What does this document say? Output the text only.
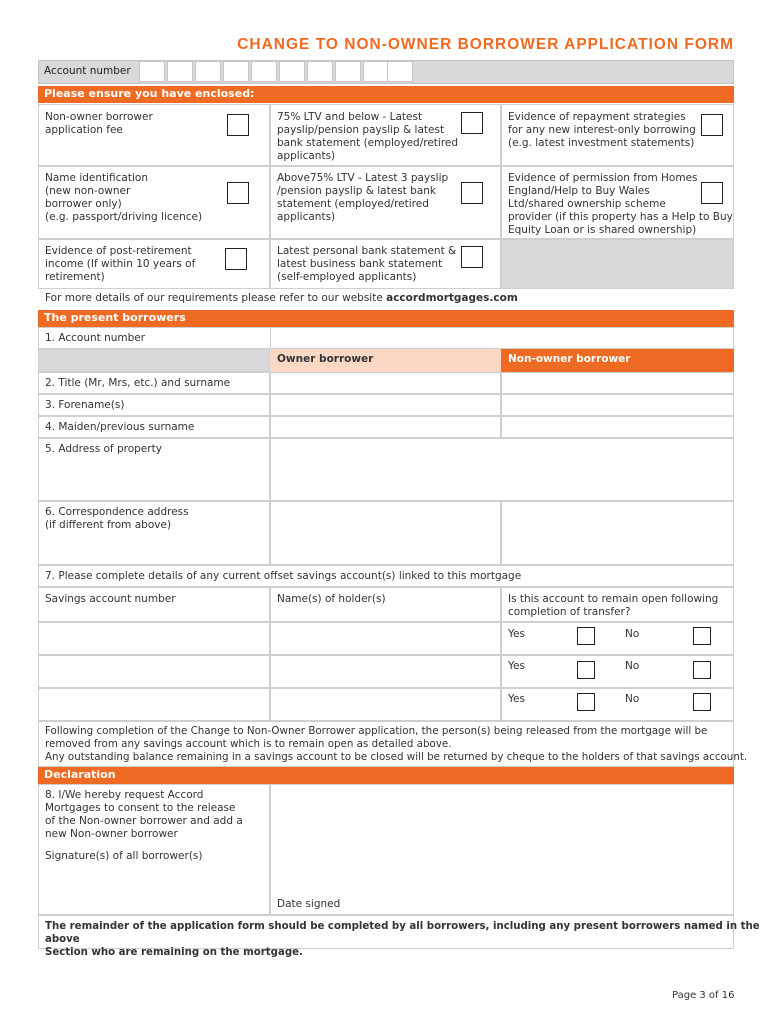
CHANGE TO NON-OWNER BORROWER APPLICATION FORM
Account number
Please ensure you have enclosed:
Non-owner borrower
application fee
75% LTV and below - Latest
payslip/pension payslip & latest
bank statement (employed/retired
applicants)
Evidence of repayment strategies
for any new interest-only borrowing
(e.g. latest investment statements)
Name identification
(new non-owner
borrower only)
(e.g. passport/driving licence)
Above75% LTV - Latest 3 payslip
/pension payslip & latest bank
statement (employed/retired
applicants)
Evidence of permission from Homes
England/Help to Buy Wales
Ltd/shared ownership scheme
provider (if this property has a Help to Buy
Equity Loan or is shared ownership)
Evidence of post-retirement
income (If within 10 years of
retirement)
Latest personal bank statement &
latest business bank statement
(self-employed applicants)
For more details of our requirements please refer to our website accordmortgages.com
The present borrowers
1. Account number
Owner borrower	Non-owner borrower
2. Title (Mr, Mrs, etc.) and surname
3. Forename(s)
4. Maiden/previous surname
5. Address of property
6. Correspondence address
(if different from above)
7. Please complete details of any current offset savings account(s) linked to this mortgage
Savings account number	Name(s) of holder(s)	Is this account to remain open following
completion of transfer?
Yes	No
Yes	No
Yes	No
Following completion of the Change to Non-Owner Borrower application, the person(s) being released from the mortgage will be
removed from any savings account which is to remain open as detailed above.
Any outstanding balance remaining in a savings account to be closed will be returned by cheque to the holders of that savings account.
Declaration
8. I/We hereby request Accord
Mortgages to consent to the release
of the Non-owner borrower and add a
new Non-owner borrower
Signature(s) of all borrower(s)
Date signed
The remainder of the application form should be completed by all borrowers, including any present borrowers named in the above
Section who are remaining on the mortgage.
Page 3 of 16
